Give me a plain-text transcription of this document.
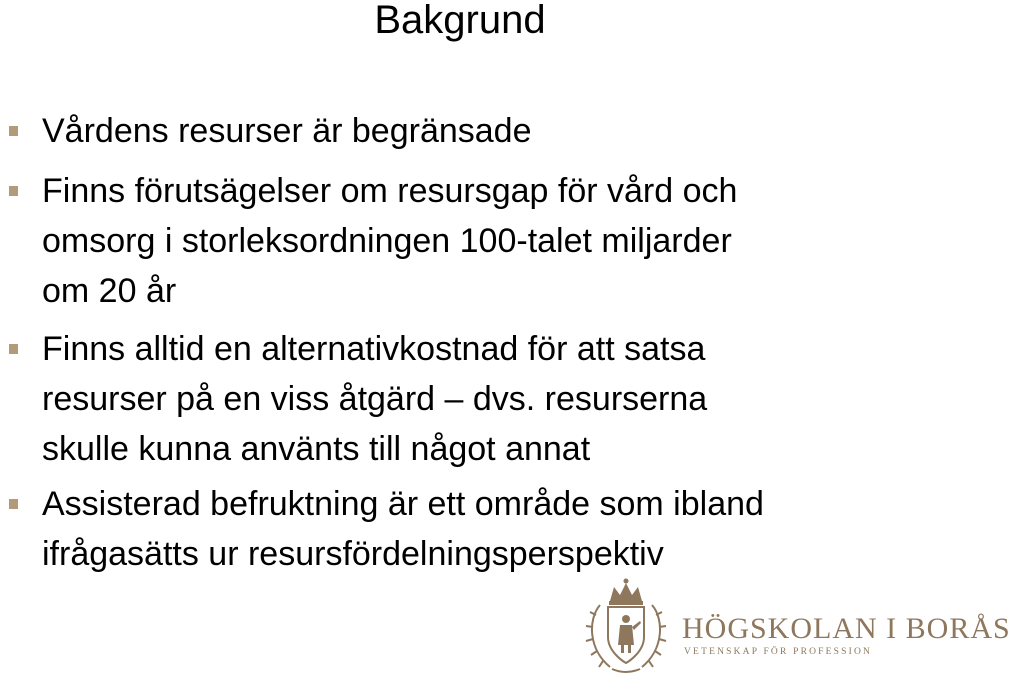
Bakgrund
Vårdens resurser är begränsade
Finns förutsägelser om resursgap för vård och
omsorg i storleksordningen 100-talet miljarder
om 20 år
Finns alltid en alternativkostnad för att satsa
resurser på en viss åtgärd – dvs. resurserna
skulle kunna använts till något annat
Assisterad befruktning är ett område som ibland
ifrågasätts ur resursfördelningsperspektiv
HÖGSKOLAN I BORÅS
VETENSKAP FÖR PROFESSION
